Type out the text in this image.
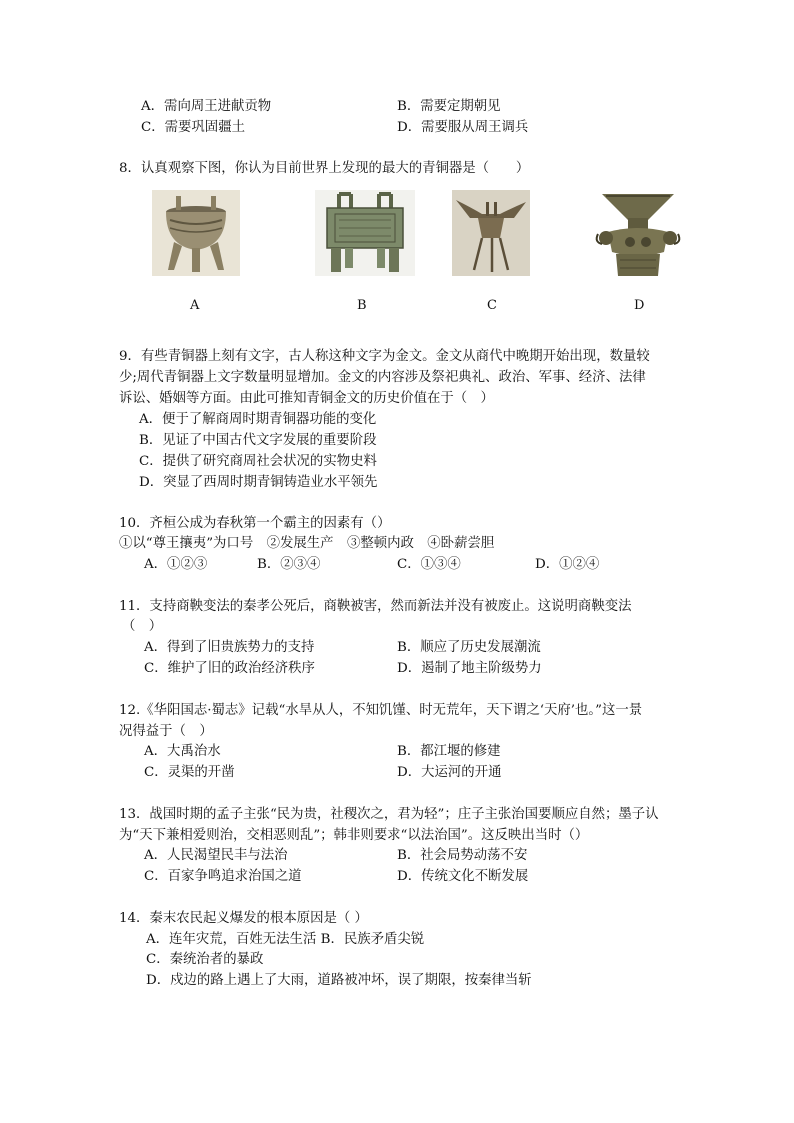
A．需向周王进献贡物	B．需要定期朝见
C．需要巩固疆土	D．需要服从周王调兵
8．认真观察下图，你认为目前世界上发现的最大的青铜器是（　　）
A	B	C	D
9．有些青铜器上刻有文字，古人称这种文字为金文。金文从商代中晚期开始出现，数量较
少;周代青铜器上文字数量明显增加。金文的内容涉及祭祀典礼、政治、军事、经济、法律
诉讼、婚姻等方面。由此可推知青铜金文的历史价值在于（　）
A．便于了解商周时期青铜器功能的变化
B．见证了中国古代文字发展的重要阶段
C．提供了研究商周社会状况的实物史料
D．突显了西周时期青铜铸造业水平领先
10．齐桓公成为春秋第一个霸主的因素有（）
①以“尊王攘夷”为口号　②发展生产　③整顿内政　④卧薪尝胆
A．①②③	B．②③④	C．①③④	D．①②④
11．支持商鞅变法的秦孝公死后，商鞅被害，然而新法并没有被废止。这说明商鞅变法
（　）
A．得到了旧贵族势力的支持	B．顺应了历史发展潮流
C．维护了旧的政治经济秩序	D．遏制了地主阶级势力
12.《华阳国志·蜀志》记载“水旱从人，不知饥馑、时无荒年，天下谓之‘天府’也。”这一景
况得益于（　）
A．大禹治水	B．都江堰的修建
C．灵渠的开凿	D．大运河的开通
13．战国时期的孟子主张“民为贵，社稷次之，君为轻”；庄子主张治国要顺应自然；墨子认
为“天下兼相爱则治，交相恶则乱”；韩非则要求“以法治国”。这反映出当时（）
A．人民渴望民丰与法治	B．社会局势动荡不安
C．百家争鸣追求治国之道	D．传统文化不断发展
14．秦末农民起义爆发的根本原因是（ ）
A．连年灾荒，百姓无法生活 B．民族矛盾尖锐
C．秦统治者的暴政
D．戍边的路上遇上了大雨，道路被冲坏，误了期限，按秦律当斩
